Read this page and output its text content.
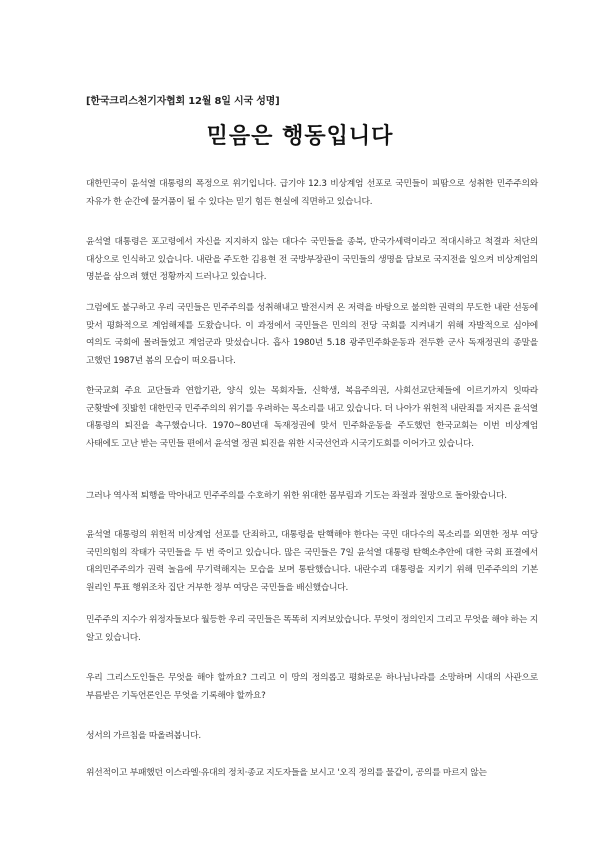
[한국크리스천기자협회 12월 8일 시국 성명]
믿음은 행동입니다

대한민국이 윤석열 대통령의 폭정으로 위기입니다. 급기야 12.3 비상계엄 선포로 국민들이 피땀으로 성취한 민주주의와 자유가 한 순간에 물거품이 될 수 있다는 믿기 힘든 현실에 직면하고 있습니다.

윤석열 대통령은 포고령에서 자신을 지지하지 않는 대다수 국민들을 종북, 반국가세력이라고 적대시하고 척결과 처단의 대상으로 인식하고 있습니다. 내란을 주도한 김용현 전 국방부장관이 국민들의 생명을 담보로 국지전을 일으켜 비상계엄의 명분을 삼으려 했던 정황까지 드러나고 있습니다.

그럼에도 불구하고 우리 국민들은 민주주의를 성취해내고 발전시켜 온 저력을 바탕으로 불의한 권력의 무도한 내란 선동에 맞서 평화적으로 계엄해제를 도왔습니다. 이 과정에서 국민들은 민의의 전당 국회를 지켜내기 위해 자발적으로 심야에 여의도 국회에 몰려들었고 계엄군과 맞섰습니다. 흡사 1980년 5.18 광주민주화운동과 전두환 군사 독재정권의 종말을 고했던 1987년 봄의 모습이 떠오릅니다.

한국교회 주요 교단들과 연합기관, 양식 있는 목회자들, 신학생, 복음주의권, 사회선교단체들에 이르기까지 잇따라 군홧발에 짓밟힌 대한민국 민주주의의 위기를 우려하는 목소리를 내고 있습니다. 더 나아가 위헌적 내란죄를 저지른 윤석열 대통령의 퇴진을 촉구했습니다. 1970~80년대 독재정권에 맞서 민주화운동을 주도했던 한국교회는 이번 비상계엄 사태에도 고난 받는 국민들 편에서 윤석열 정권 퇴진을 위한 시국선언과 시국기도회를 이어가고 있습니다.

그러나 역사적 퇴행을 막아내고 민주주의를 수호하기 위한 위대한 몸부림과 기도는 좌절과 절망으로 돌아왔습니다.

윤석열 대통령의 위헌적 비상계엄 선포를 단죄하고, 대통령을 탄핵해야 한다는 국민 대다수의 목소리를 외면한 정부 여당 국민의힘의 작태가 국민들을 두 번 죽이고 있습니다. 많은 국민들은 7일 윤석열 대통령 탄핵소추안에 대한 국회 표결에서 대의민주주의가 권력 놀음에 무기력해지는 모습을 보며 통탄했습니다. 내란수괴 대통령을 지키기 위해 민주주의의 기본 원리인 투표 행위조차 집단 거부한 정부 여당은 국민들을 배신했습니다.

민주주의 지수가 위정자들보다 월등한 우리 국민들은 똑똑히 지켜보았습니다. 무엇이 정의인지 그리고 무엇을 해야 하는 지 알고 있습니다.

우리 그리스도인들은 무엇을 해야 할까요? 그리고 이 땅의 정의롭고 평화로운 하나님나라를 소망하며 시대의 사관으로 부름받은 기독언론인은 무엇을 기록해야 할까요?

성서의 가르침을 따올려봅니다.

위선적이고 부패했던 이스라엘·유대의 정치·종교 지도자들을 보시고 '오직 정의를 물같이, 공의를 마르지 않는
